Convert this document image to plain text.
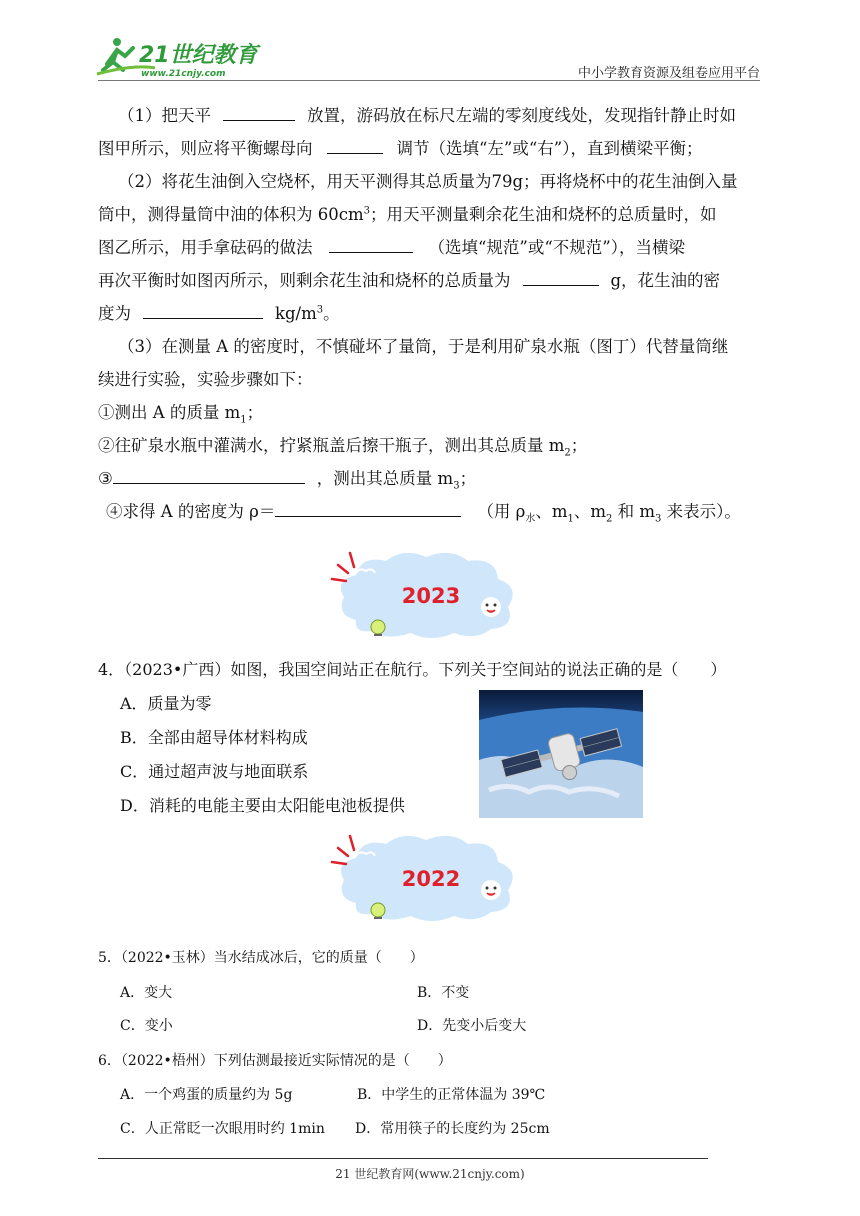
21世纪教育
www.21cnjy.com	中小学教育资源及组卷应用平台
（1）把天平	放置，游码放在标尺左端的零刻度线处，发现指针静止时如
图甲所示，则应将平衡螺母向	调节（选填“左”或“右”），直到横梁平衡；
（2）将花生油倒入空烧杯，用天平测得其总质量为79g；再将烧杯中的花生油倒入量
筒中，测得量筒中油的体积为 $60cm^3$；用天平测量剩余花生油和烧杯的总质量时，如
图乙所示，用手拿砝码的做法	（选填“规范”或“不规范”），当横梁
再次平衡时如图丙所示，则剩余花生油和烧杯的总质量为	g，花生油的密
度为	$kg/m^3$。
（3）在测量 A 的密度时，不慎碰坏了量筒，于是利用矿泉水瓶（图丁）代替量筒继
续进行实验，实验步骤如下：
①测出 A 的质量 $m_1$；
②往矿泉水瓶中灌满水，拧紧瓶盖后擦干瓶子，测出其总质量 $m_2$；
③	，测出其总质量 $m_3$；
④求得 A 的密度为 ρ＝	（用 $\rho_水$、$m_1$、$m_2$ 和 $m_3$ 来表示）。
2023
4．（2023•广西）如图，我国空间站正在航行。下列关于空间站的说法正确的是（　　）
A．质量为零
B．全部由超导体材料构成
C．通过超声波与地面联系
D．消耗的电能主要由太阳能电池板提供
2022
5．（2022•玉林）当水结成冰后，它的质量（　　）
A．变大	B．不变
C．变小	D．先变小后变大
6．（2022•梧州）下列估测最接近实际情况的是（　　）
A．一个鸡蛋的质量约为 5g	B．中学生的正常体温为 39℃
C．人正常眨一次眼用时约 1min D．常用筷子的长度约为 25cm
21 世纪教育网(www.21cnjy.com)
